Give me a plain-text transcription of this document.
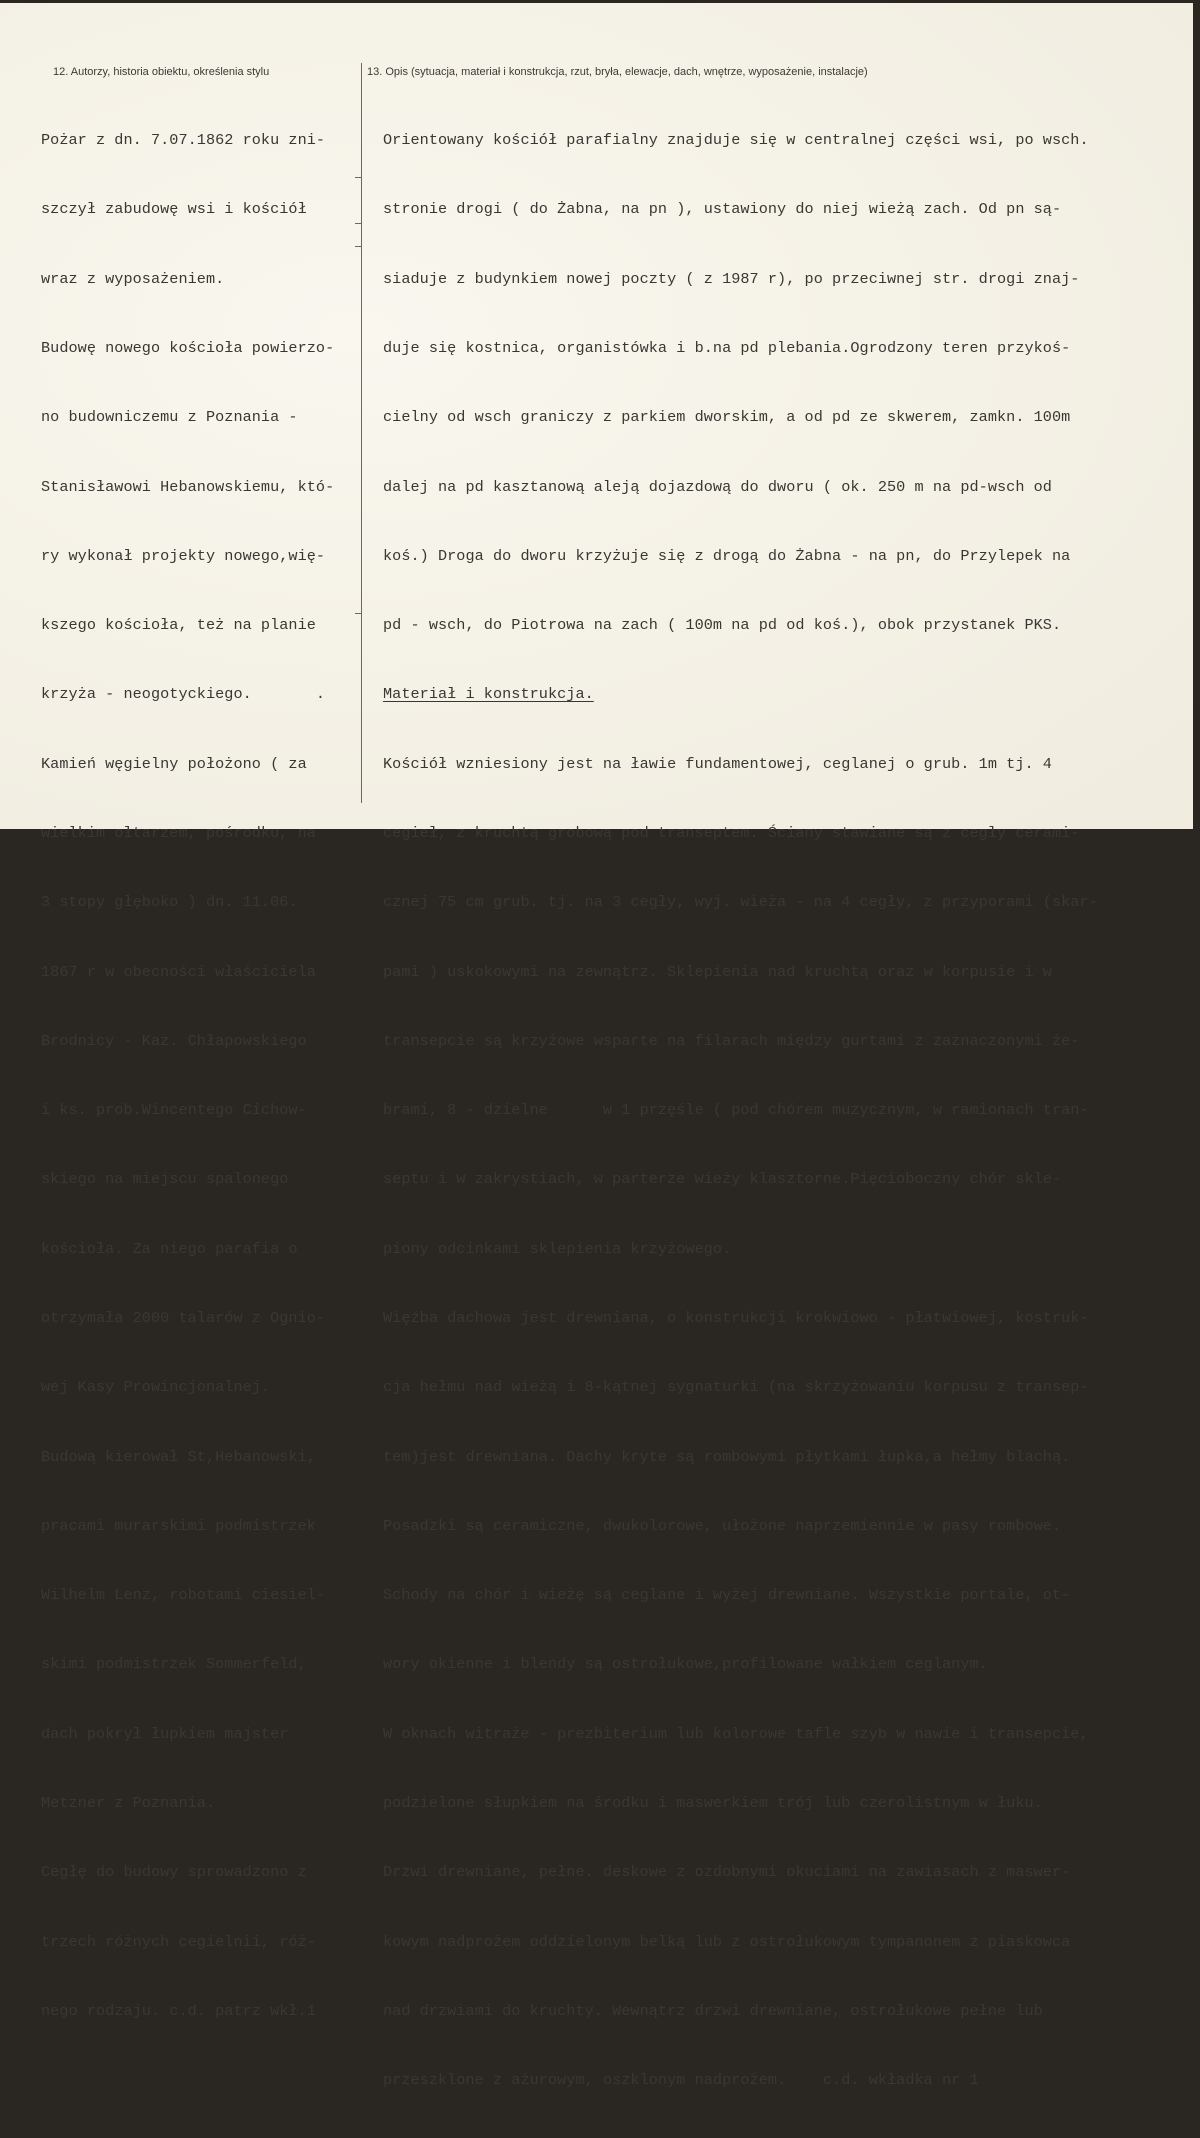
12. Autorzy, historia obiektu, określenia stylu	13. Opis (sytuacja, materiał i konstrukcja, rzut, bryła, elewacje, dach, wnętrze, wyposażenie, instalacje)

Pożar z dn. 7.07.1862 roku zni-

szczył zabudowę wsi i kościół

wraz z wyposażeniem.

Budowę nowego kościoła powierzo-

no budowniczemu z Poznania -

Stanisławowi Hebanowskiemu, któ-

ry wykonał projekty nowego,wię-

kszego kościoła, też na planie

krzyża - neogotyckiego.       .

Kamień węgielny położono ( za

wielkim ołtarzem, pośrodku, na

3 stopy głęboko ) dn. 11.06.

1867 r w obecności właściciela

Brodnicy - Kaz. Chłapowskiego

i ks. prob.Wincentego Cichow-

skiego na miejscu spalonego

kościoła. Za niego parafia o

otrzymała 2000 talarów z Ognio-

wej Kasy Prowincjonalnej.

Budową kierował St,Hebanowski,

pracami murarskimi podmistrzek

Wilhelm Lenz, robotami ciesiel-

skimi podmistrzek Sommerfeld,

dach pokrył łupkiem majster

Metzner z Poznania.

Cegłę do budowy sprowadzono z

trzech różnych cegielnii, róż-

nego rodzaju. c.d. patrz wkł.1

Orientowany kościół parafialny znajduje się w centralnej części wsi, po wsch.

stronie drogi ( do Żabna, na pn ), ustawiony do niej wieżą zach. Od pn są-

siaduje z budynkiem nowej poczty ( z 1987 r), po przeciwnej str. drogi znaj-

duje się kostnica, organistówka i b.na pd plebania.Ogrodzony teren przykoś-

cielny od wsch graniczy z parkiem dworskim, a od pd ze skwerem, zamkn. 100m

dalej na pd kasztanową aleją dojazdową do dworu ( ok. 250 m na pd-wsch od

koś.) Droga do dworu krzyżuje się z drogą do Żabna - na pn, do Przylepek na

pd - wsch, do Piotrowa na zach ( 100m na pd od koś.), obok przystanek PKS.

Materiał i konstrukcja.

Kościół wzniesiony jest na ławie fundamentowej, ceglanej o grub. 1m tj. 4

cegieł, z kruchtą grobową pod transeptem. Ściany stawiane są z cegły cerami-

cznej 75 cm grub. tj. na 3 cegły, wyj. wieża - na 4 cegły, z przyporami (skar-

pami ) uskokowymi na zewnątrz. Sklepienia nad kruchtą oraz w korpusie i w

transepcie są krzyżowe wsparte na filarach między gurtami z zaznaczonymi że-

brami, 8 - dzielne      w 1 przęśle ( pod chórem muzycznym, w ramionach tran-

septu i w zakrystiach, w parterze wieży klasztorne.Pięcioboczny chór skle-

piony odcinkami sklepienia krzyżowego.

Więźba dachowa jest drewniana, o konstrukcji krokwiowo - płatwiowej, kostruk-

cja hełmu nad wieżą i 8-kątnej sygnaturki (na skrzyżowaniu korpusu z transep-

tem)jest drewniana. Dachy kryte są rombowymi płytkami łupka,a hełmy blachą.

Posadzki są ceramiczne, dwukolorowe, ułożone naprzemiennie w pasy rombowe.

Schody na chór i wieżę są ceglane i wyżej drewniane. Wszystkie portale, ot-

wory okienne i blendy są ostrołukowe,profilowane wałkiem ceglanym.

W oknach witraże - prezbiterium lub kolorowe tafle szyb w nawie i transepcie,

podzielone słupkiem na środku i maswerkiem trój lub czerolistnym w łuku.

Drzwi drewniane, pełne. deskowe z ozdobnymi okuciami na zawiasach z maswer-

kowym nadprożem oddzielonym belką lub z ostrołukowym tympanonem z piaskowca

nad drzwiami do kruchty. Wewnątrz drzwi drewniane, ostrołukowe pełne lub

przeszklone z ażurowym, oszklonym nadprożem.    c.d. wkładka nr 1
